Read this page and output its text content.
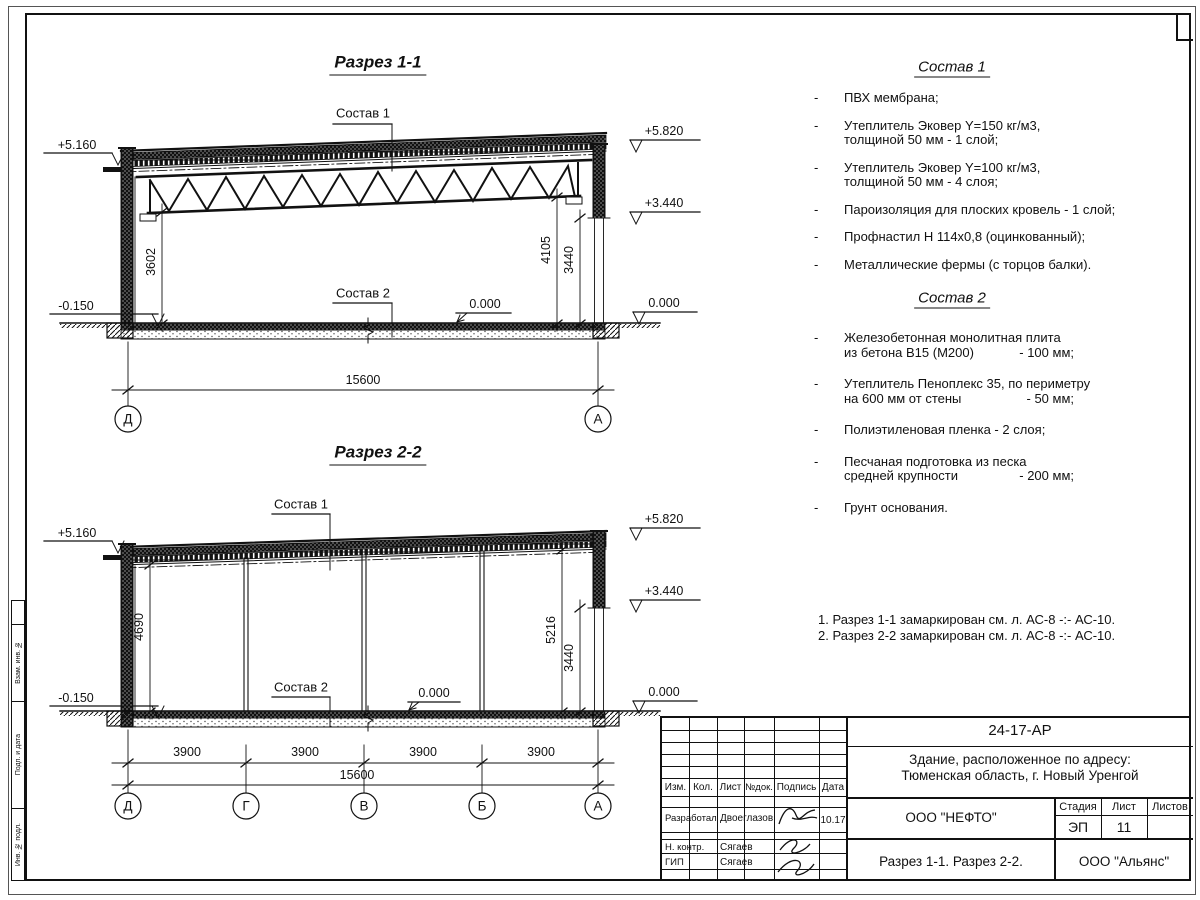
Взам. инв. №
Подп. и дата
Инв. № подл.
Разрез 1-1
Состав 1
Состав 2
+5.160
-0.150
+5.820
+3.440
0.000
0.000
3602	4105 3440
15600
Д	А
Разрез 2-2
Состав 1
Состав 2
+5.160
-0.150
+5.820
+3.440
0.000
0.000
4690	5216
3440
3900	3900	3900	3900
15600
Д	Г	В	Б	А
Состав 1
-	ПВХ мембрана;
-	Утеплитель Эковер Y=150 кг/м3,
толщиной 50 мм - 1 слой;
-	Утеплитель Эковер Y=100 кг/м3,
толщиной 50 мм - 4 слоя;
-	Пароизоляция для плоских кровель - 1 слой;
-	Профнастил Н 114х0,8 (оцинкованный);
-	Металлические фермы (с торцов балки).
Состав 2
-	Железобетонная монолитная плита
из бетона В15 (М200)	- 100 мм;
-	Утеплитель Пеноплекс 35, по периметру
на 600 мм от стены	- 50 мм;
-	Полиэтиленовая пленка - 2 слоя;
-	Песчаная подготовка из песка
средней крупности	- 200 мм;
-	Грунт основания.
1. Разрез 1-1 замаркирован см. л. АС-8 -:- АС-10.
2. Разрез 2-2 замаркирован см. л. АС-8 -:- АС-10.
24-17-АР
Здание, расположенное по адресу:
Тюменская область, г. Новый Уренгой
ООО "НЕФТО"
Стадия	Лист	Листов
ЭП	11
Разрез 1-1. Разрез 2-2.	ООО "Альянс"
Изм. Кол. Лист №док. Подпись Дата
Разработал Двоеглазов	10.17
Н. контр. Сягаев
ГИП	Сягаев
